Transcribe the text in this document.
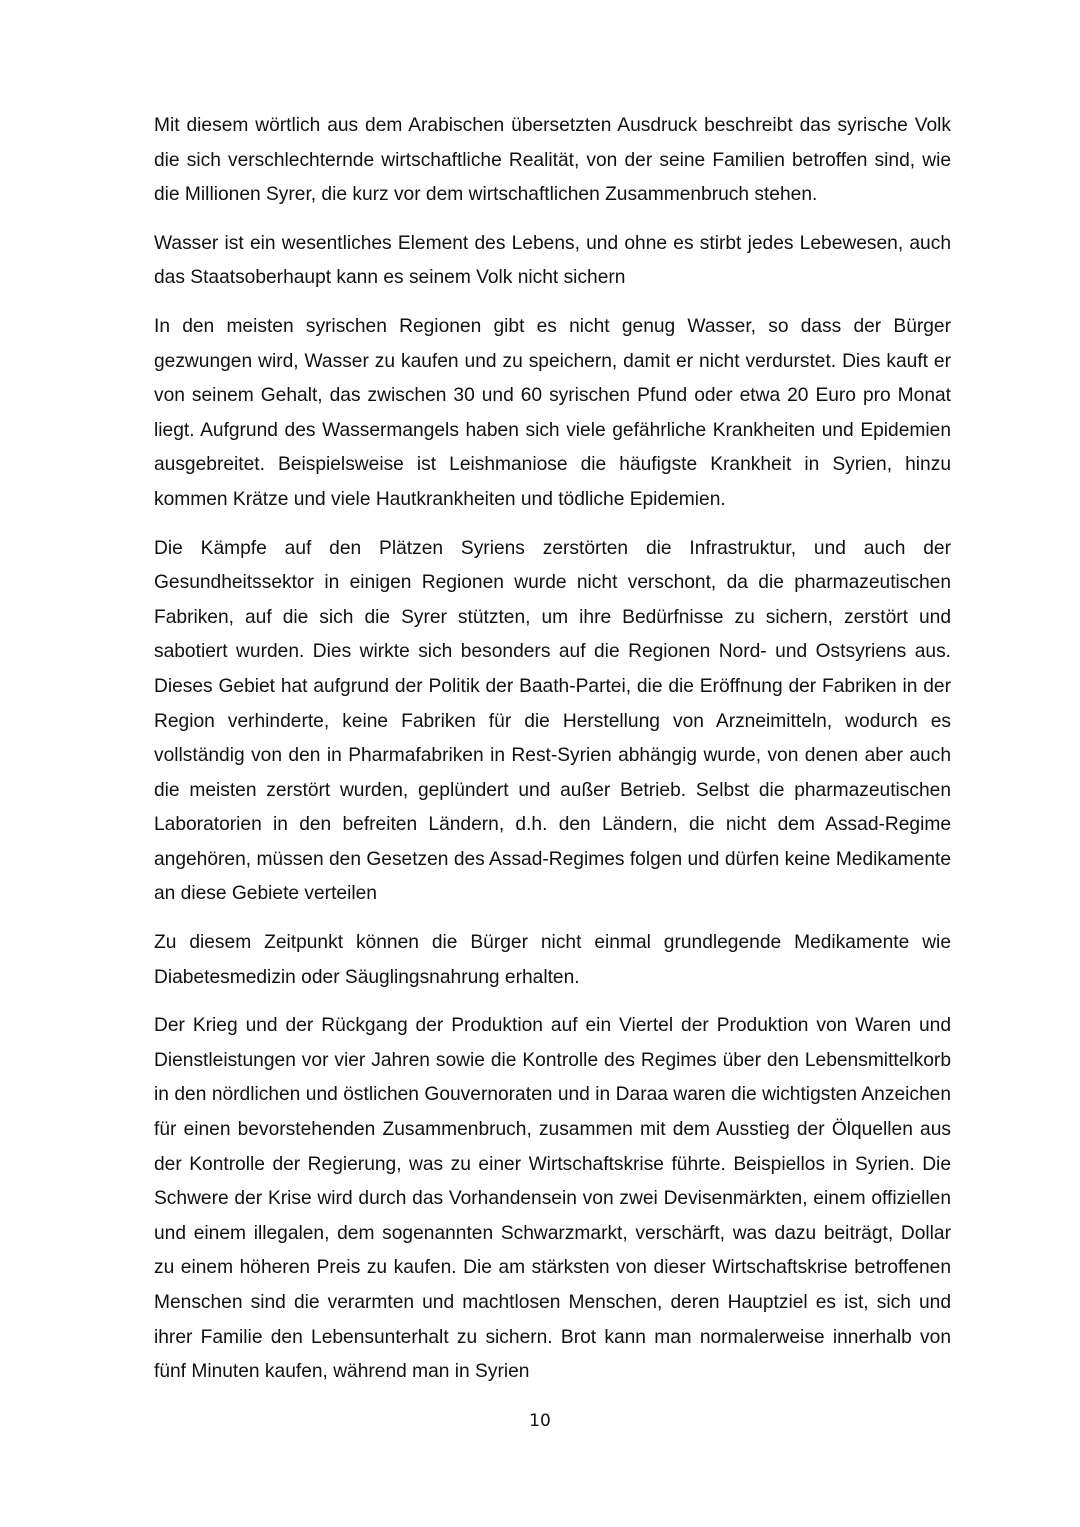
Mit diesem wörtlich aus dem Arabischen übersetzten Ausdruck beschreibt das syrische Volk die sich verschlechternde wirtschaftliche Realität, von der seine Familien betroffen sind, wie die Millionen Syrer, die kurz vor dem wirtschaftlichen Zusammenbruch stehen.

Wasser ist ein wesentliches Element des Lebens, und ohne es stirbt jedes Lebewesen, auch das Staatsoberhaupt kann es seinem Volk nicht sichern

In den meisten syrischen Regionen gibt es nicht genug Wasser, so dass der Bürger gezwungen wird, Wasser zu kaufen und zu speichern, damit er nicht verdurstet. Dies kauft er von seinem Gehalt, das zwischen 30 und 60 syrischen Pfund oder etwa 20 Euro pro Monat liegt. Aufgrund des Wassermangels haben sich viele gefährliche Krankheiten und Epidemien ausgebreitet. Beispielsweise ist Leishmaniose die häufigste Krankheit in Syrien, hinzu kommen Krätze und viele Hautkrankheiten und tödliche Epidemien.

Die Kämpfe auf den Plätzen Syriens zerstörten die Infrastruktur, und auch der Gesundheitssektor in einigen Regionen wurde nicht verschont, da die pharmazeutischen Fabriken, auf die sich die Syrer stützten, um ihre Bedürfnisse zu sichern, zerstört und sabotiert wurden. Dies wirkte sich besonders auf die Regionen Nord- und Ostsyriens aus. Dieses Gebiet hat aufgrund der Politik der Baath-Partei, die die Eröffnung der Fabriken in der Region verhinderte, keine Fabriken für die Herstellung von Arzneimitteln, wodurch es vollständig von den in Pharmafabriken in Rest-Syrien abhängig wurde, von denen aber auch die meisten zerstört wurden, geplündert und außer Betrieb. Selbst die pharmazeutischen Laboratorien in den befreiten Ländern, d.h. den Ländern, die nicht dem Assad-Regime angehören, müssen den Gesetzen des Assad-Regimes folgen und dürfen keine Medikamente an diese Gebiete verteilen

Zu diesem Zeitpunkt können die Bürger nicht einmal grundlegende Medikamente wie Diabetesmedizin oder Säuglingsnahrung erhalten.

Der Krieg und der Rückgang der Produktion auf ein Viertel der Produktion von Waren und Dienstleistungen vor vier Jahren sowie die Kontrolle des Regimes über den Lebensmittelkorb in den nördlichen und östlichen Gouvernoraten und in Daraa waren die wichtigsten Anzeichen für einen bevorstehenden Zusammenbruch, zusammen mit dem Ausstieg der Ölquellen aus der Kontrolle der Regierung, was zu einer Wirtschaftskrise führte. Beispiellos in Syrien. Die Schwere der Krise wird durch das Vorhandensein von zwei Devisenmärkten, einem offiziellen und einem illegalen, dem sogenannten Schwarzmarkt, verschärft, was dazu beiträgt, Dollar zu einem höheren Preis zu kaufen. Die am stärksten von dieser Wirtschaftskrise betroffenen Menschen sind die verarmten und machtlosen Menschen, deren Hauptziel es ist, sich und ihrer Familie den Lebensunterhalt zu sichern. Brot kann man normalerweise innerhalb von fünf Minuten kaufen, während man in Syrien

10
